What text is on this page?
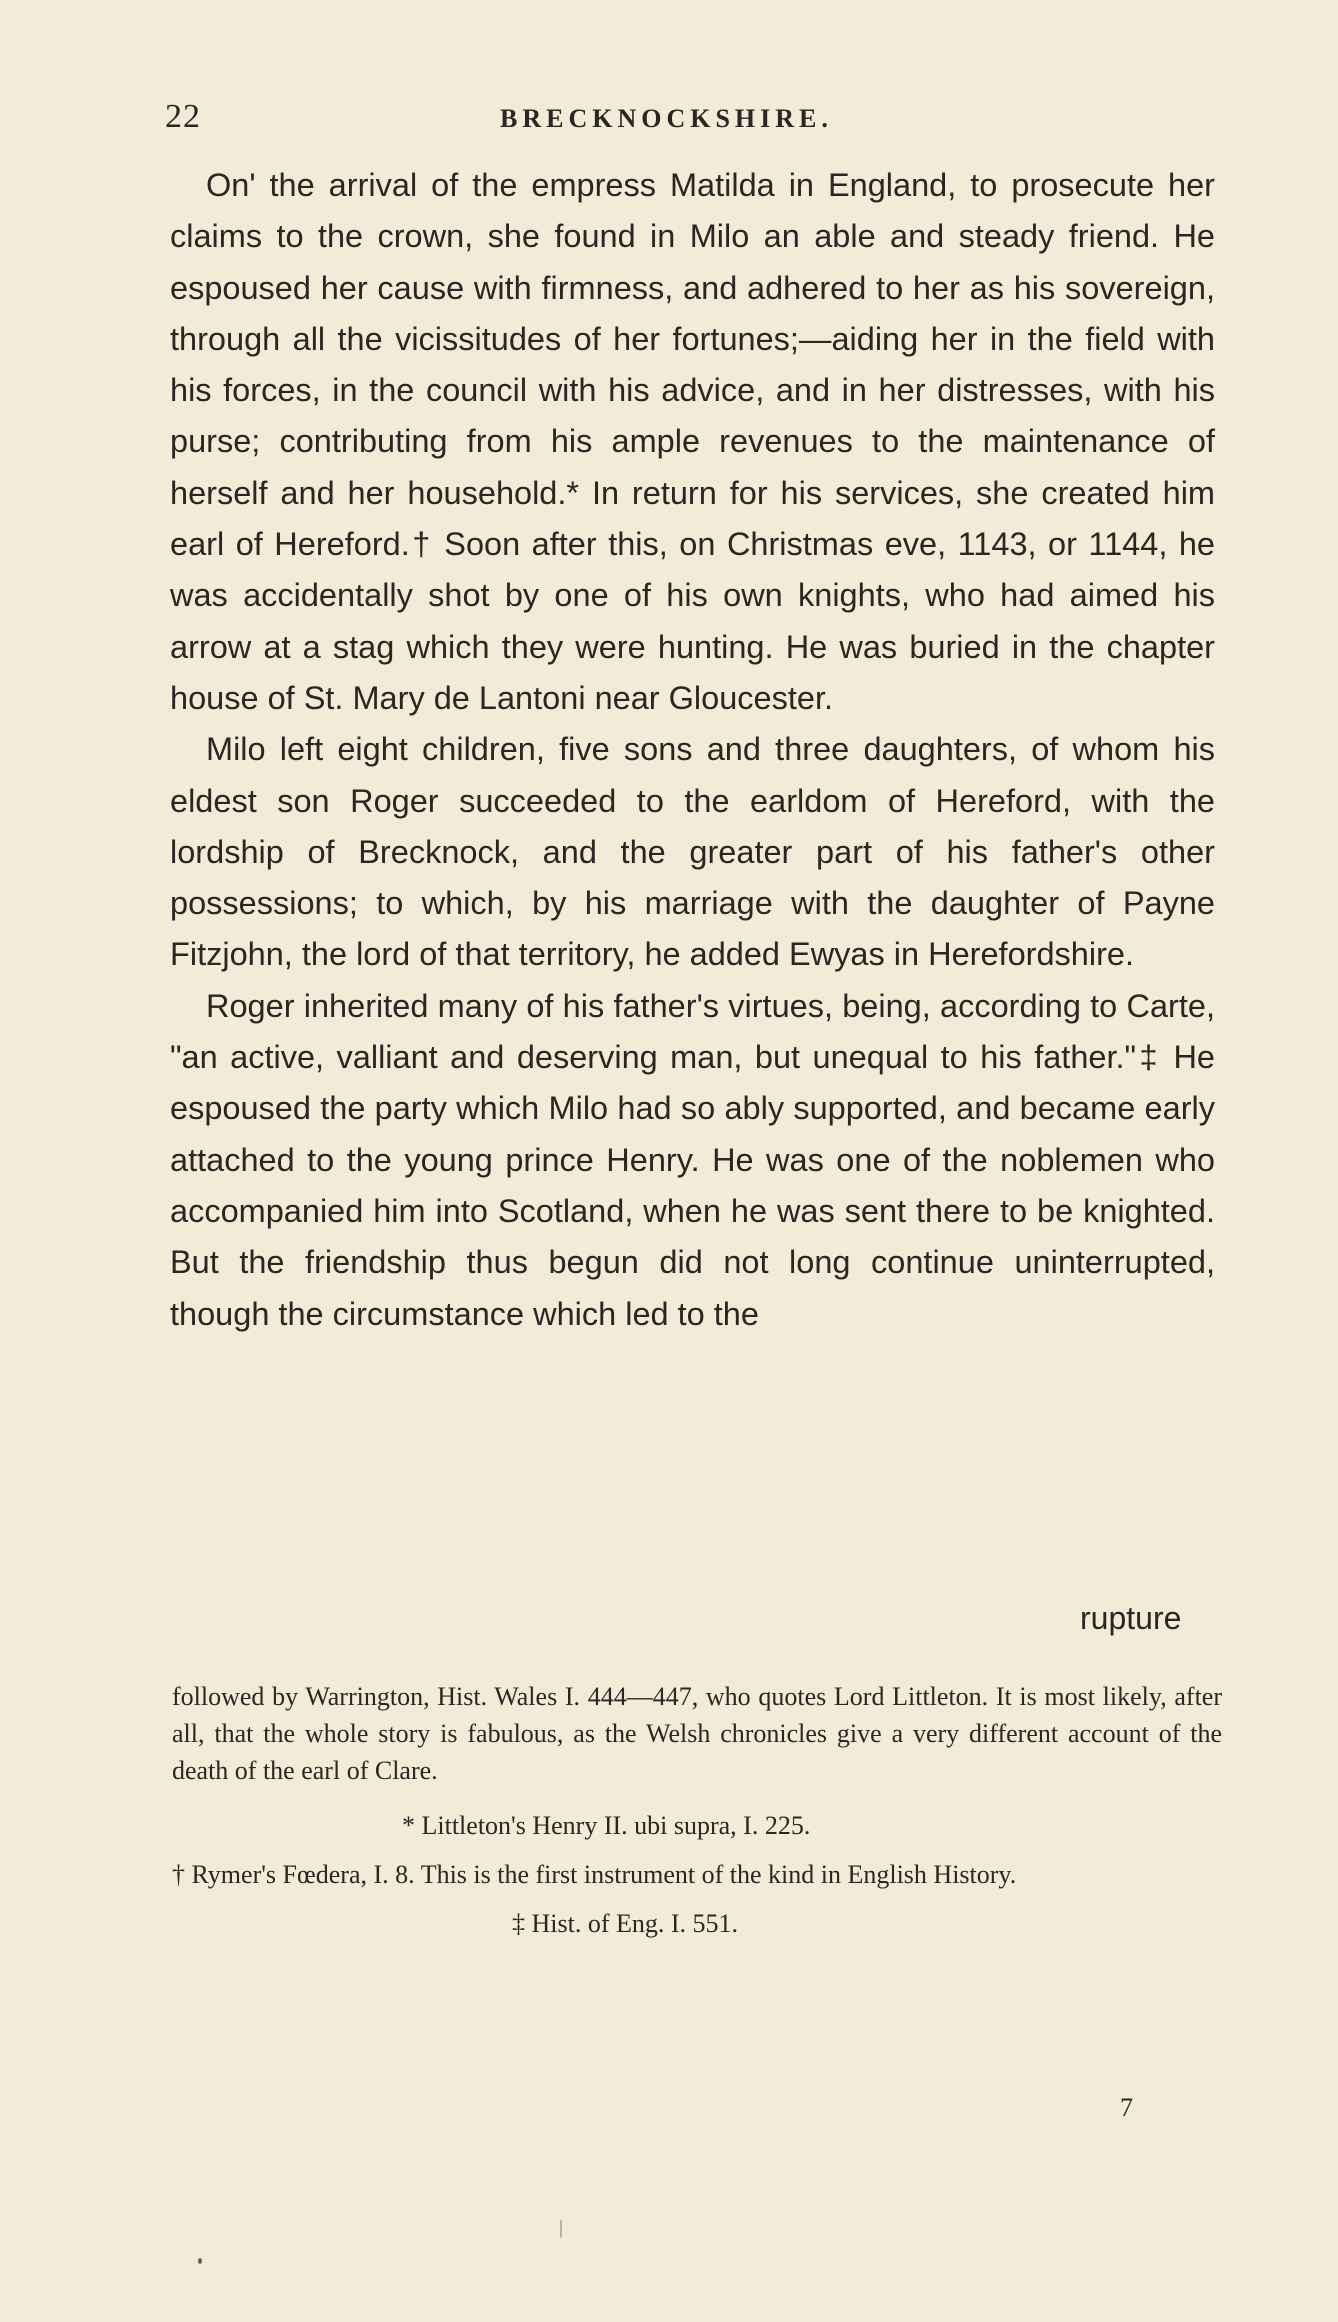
22	BRECKNOCKSHIRE.

On' the arrival of the empress Matilda in England, to prosecute her claims to the crown, she found in Milo an able and steady friend. He espoused her cause with firmness, and adhered to her as his sovereign, through all the vicissitudes of her fortunes;—aiding her in the field with his forces, in the council with his advice, and in her distresses, with his purse; contributing from his ample revenues to the maintenance of herself and her household.* In return for his services, she created him earl of Hereford.† Soon after this, on Christmas eve, 1143, or 1144, he was accidentally shot by one of his own knights, who had aimed his arrow at a stag which they were hunting. He was buried in the chapter house of St. Mary de Lantoni near Gloucester.

Milo left eight children, five sons and three daughters, of whom his eldest son Roger succeeded to the earldom of Hereford, with the lordship of Brecknock, and the greater part of his father's other possessions; to which, by his marriage with the daughter of Payne Fitzjohn, the lord of that territory, he added Ewyas in Herefordshire.

Roger inherited many of his father's virtues, being, according to Carte, "an active, valliant and deserving man, but unequal to his father."‡ He espoused the party which Milo had so ably supported, and became early attached to the young prince Henry. He was one of the noblemen who accompanied him into Scotland, when he was sent there to be knighted. But the friendship thus begun did not long continue uninterrupted, though the circumstance which led to the

rupture

followed by Warrington, Hist. Wales I. 444—447, who quotes Lord Littleton. It is most likely, after all, that the whole story is fabulous, as the Welsh chronicles give a very different account of the death of the earl of Clare.

* Littleton's Henry II. ubi supra, I. 225.

† Rymer's Fœdera, I. 8. This is the first instrument of the kind in English History.

‡ Hist. of Eng. I. 551.

7
